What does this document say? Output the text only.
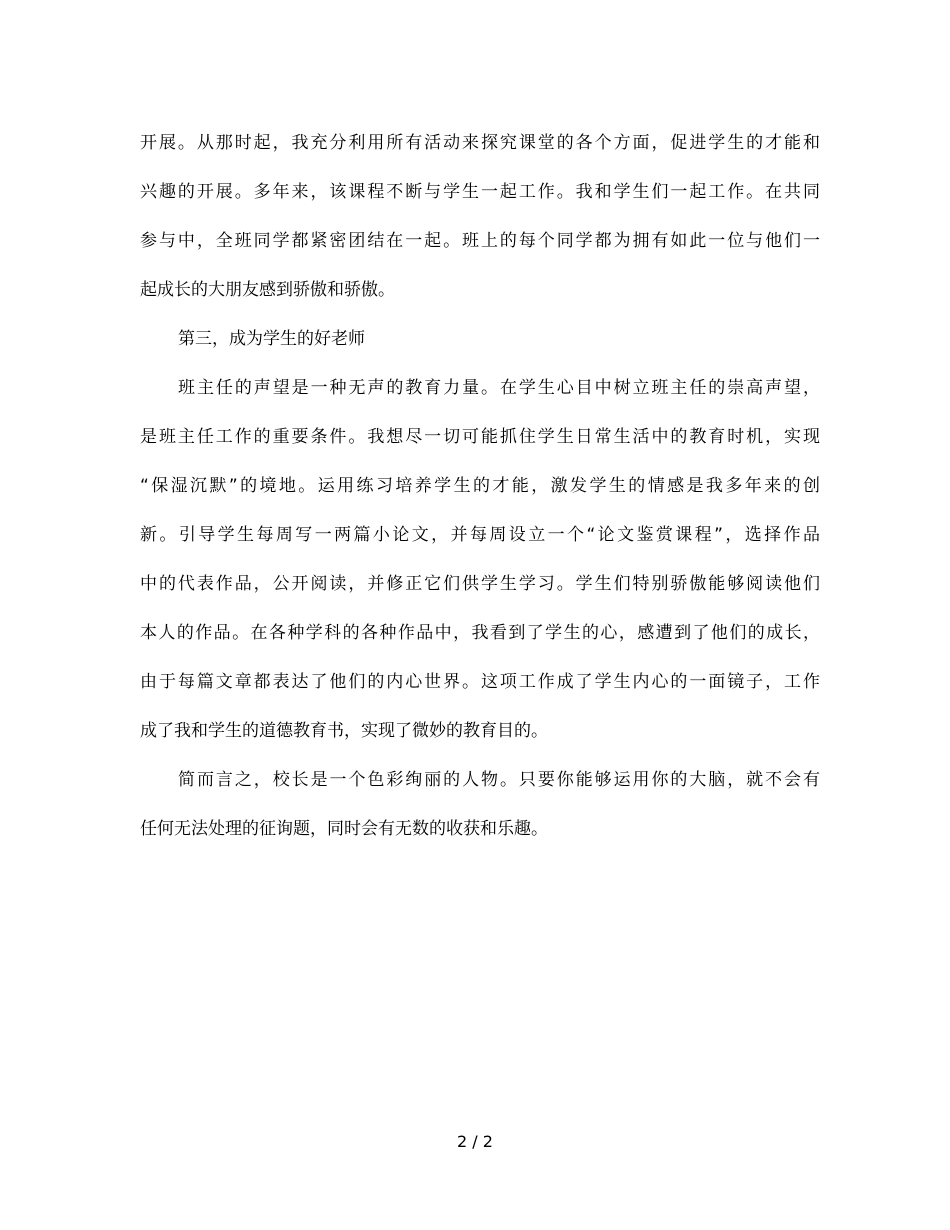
开展。从那时起，我充分利用所有活动来探究课堂的各个方面，促进学生的才能和
兴趣的开展。多年来，该课程不断与学生一起工作。我和学生们一起工作。在共同
参与中，全班同学都紧密团结在一起。班上的每个同学都为拥有如此一位与他们一
起成长的大朋友感到骄傲和骄傲。
第三，成为学生的好老师
班主任的声望是一种无声的教育力量。在学生心目中树立班主任的崇高声望，
是班主任工作的重要条件。我想尽一切可能抓住学生日常生活中的教育时机，实现
“保湿沉默”的境地。运用练习培养学生的才能，激发学生的情感是我多年来的创
新。引导学生每周写一两篇小论文，并每周设立一个“论文鉴赏课程”，选择作品
中的代表作品，公开阅读，并修正它们供学生学习。学生们特别骄傲能够阅读他们
本人的作品。在各种学科的各种作品中，我看到了学生的心，感遭到了他们的成长，
由于每篇文章都表达了他们的内心世界。这项工作成了学生内心的一面镜子，工作
成了我和学生的道德教育书，实现了微妙的教育目的。
简而言之，校长是一个色彩绚丽的人物。只要你能够运用你的大脑，就不会有
任何无法处理的征询题，同时会有无数的收获和乐趣。
2 / 2
